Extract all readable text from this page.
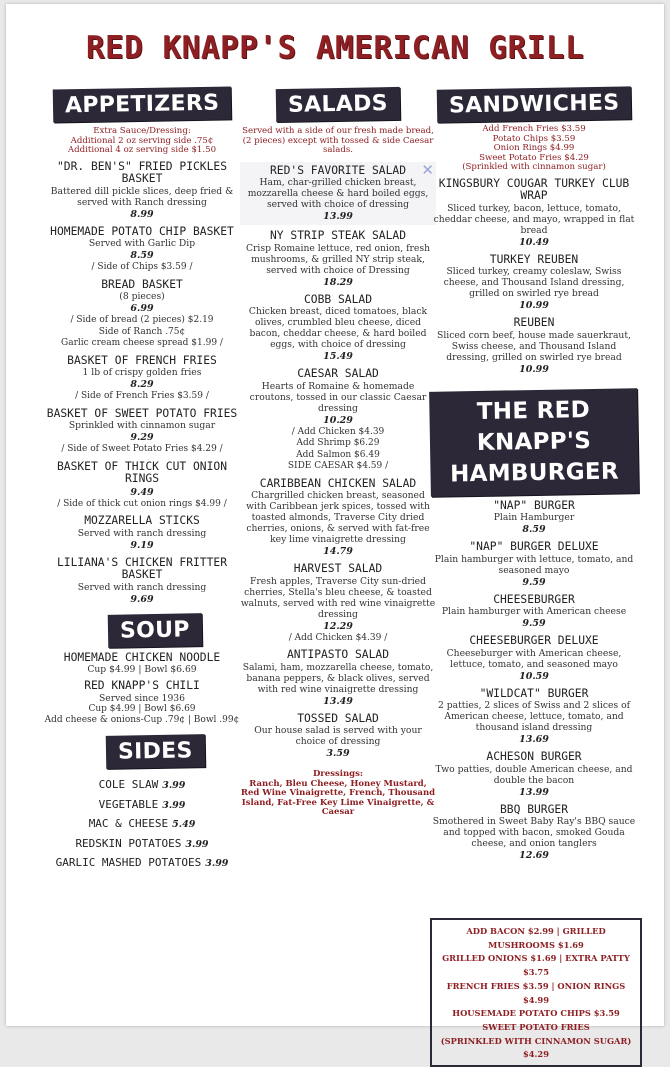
RED KNAPP'S AMERICAN GRILL
APPETIZERS
Extra Sauce/Dressing:
Additional 2 oz serving side .75¢
Additional 4 oz serving side $1.50
"DR. BEN'S" FRIED PICKLES BASKET
Battered dill pickle slices, deep fried & served with Ranch dressing
8.99
HOMEMADE POTATO CHIP BASKET
Served with Garlic Dip
8.59
/ Side of Chips $3.59 /
BREAD BASKET
(8 pieces)
6.99
/ Side of bread (2 pieces) $2.19
Side of Ranch .75¢
Garlic cream cheese spread $1.99 /
BASKET OF FRENCH FRIES
1 lb of crispy golden fries
8.29
/ Side of French Fries $3.59 /
BASKET OF SWEET POTATO FRIES
Sprinkled with cinnamon sugar
9.29
/ Side of Sweet Potato Fries $4.29 /
BASKET OF THICK CUT ONION RINGS
9.49
/ Side of thick cut onion rings $4.99 /
MOZZARELLA STICKS
Served with ranch dressing
9.19
LILIANA'S CHICKEN FRITTER BASKET
Served with ranch dressing
9.69
SOUP
HOMEMADE CHICKEN NOODLE
Cup $4.99 | Bowl $6.69
RED KNAPP'S CHILI
Served since 1936
Cup $4.99 | Bowl $6.69
Add cheese & onions-Cup .79¢ | Bowl .99¢
SIDES
COLE SLAW 3.99
VEGETABLE 3.99
MAC & CHEESE 5.49
REDSKIN POTATOES 3.99
GARLIC MASHED POTATOES 3.99
SALADS
Served with a side of our fresh made bread, (2 pieces) except with tossed & side Caesar salads.
✕
RED'S FAVORITE SALAD
Ham, char-grilled chicken breast, mozzarella cheese & hard boiled eggs, served with choice of dressing
13.99
NY STRIP STEAK SALAD
Crisp Romaine lettuce, red onion, fresh mushrooms, & grilled NY strip steak, served with choice of Dressing
18.29
COBB SALAD
Chicken breast, diced tomatoes, black olives, crumbled bleu cheese, diced bacon, cheddar cheese, & hard boiled eggs, with choice of dressing
15.49
CAESAR SALAD
Hearts of Romaine & homemade croutons, tossed in our classic Caesar dressing
10.29
/ Add Chicken $4.39
Add Shrimp $6.29
Add Salmon $6.49
SIDE CAESAR $4.59 /
CARIBBEAN CHICKEN SALAD
Chargrilled chicken breast, seasoned with Caribbean jerk spices, tossed with toasted almonds, Traverse City dried cherries, onions, & served with fat-free key lime vinaigrette dressing
14.79
HARVEST SALAD
Fresh apples, Traverse City sun-dried cherries, Stella's bleu cheese, & toasted walnuts, served with red wine vinaigrette dressing
12.29
/ Add Chicken $4.39 /
ANTIPASTO SALAD
Salami, ham, mozzarella cheese, tomato, banana peppers, & black olives, served with red wine vinaigrette dressing
13.49
TOSSED SALAD
Our house salad is served with your choice of dressing
3.59
Dressings:
Ranch, Bleu Cheese, Honey Mustard, Red Wine Vinaigrette, French, Thousand Island, Fat-Free Key Lime Vinaigrette, & Caesar
SANDWICHES
Add French Fries $3.59
Potato Chips $3.59
Onion Rings $4.99
Sweet Potato Fries $4.29
(Sprinkled with cinnamon sugar)
KINGSBURY COUGAR TURKEY CLUB WRAP
Sliced turkey, bacon, lettuce, tomato, cheddar cheese, and mayo, wrapped in flat bread
10.49
TURKEY REUBEN
Sliced turkey, creamy coleslaw, Swiss cheese, and Thousand Island dressing, grilled on swirled rye bread
10.99
REUBEN
Sliced corn beef, house made sauerkraut, Swiss cheese, and Thousand Island dressing, grilled on swirled rye bread
10.99
THE RED KNAPP'S
HAMBURGER
"NAP" BURGER
Plain Hamburger
8.59
"NAP" BURGER DELUXE
Plain hamburger with lettuce, tomato, and seasoned mayo
9.59
CHEESEBURGER
Plain hamburger with American cheese
9.59
CHEESEBURGER DELUXE
Cheeseburger with American cheese, lettuce, tomato, and seasoned mayo
10.59
"WILDCAT" BURGER
2 patties, 2 slices of Swiss and 2 slices of American cheese, lettuce, tomato, and thousand island dressing
13.69
ACHESON BURGER
Two patties, double American cheese, and double the bacon
13.99
BBQ BURGER
Smothered in Sweet Baby Ray's BBQ sauce and topped with bacon, smoked Gouda cheese, and onion tanglers
12.69
ADD BACON $2.99 | GRILLED MUSHROOMS $1.69
GRILLED ONIONS $1.69 | EXTRA PATTY $3.75
FRENCH FRIES $3.59 | ONION RINGS $4.99
HOUSEMADE POTATO CHIPS $3.59
SWEET POTATO FRIES
(SPRINKLED WITH CINNAMON SUGAR) $4.29
